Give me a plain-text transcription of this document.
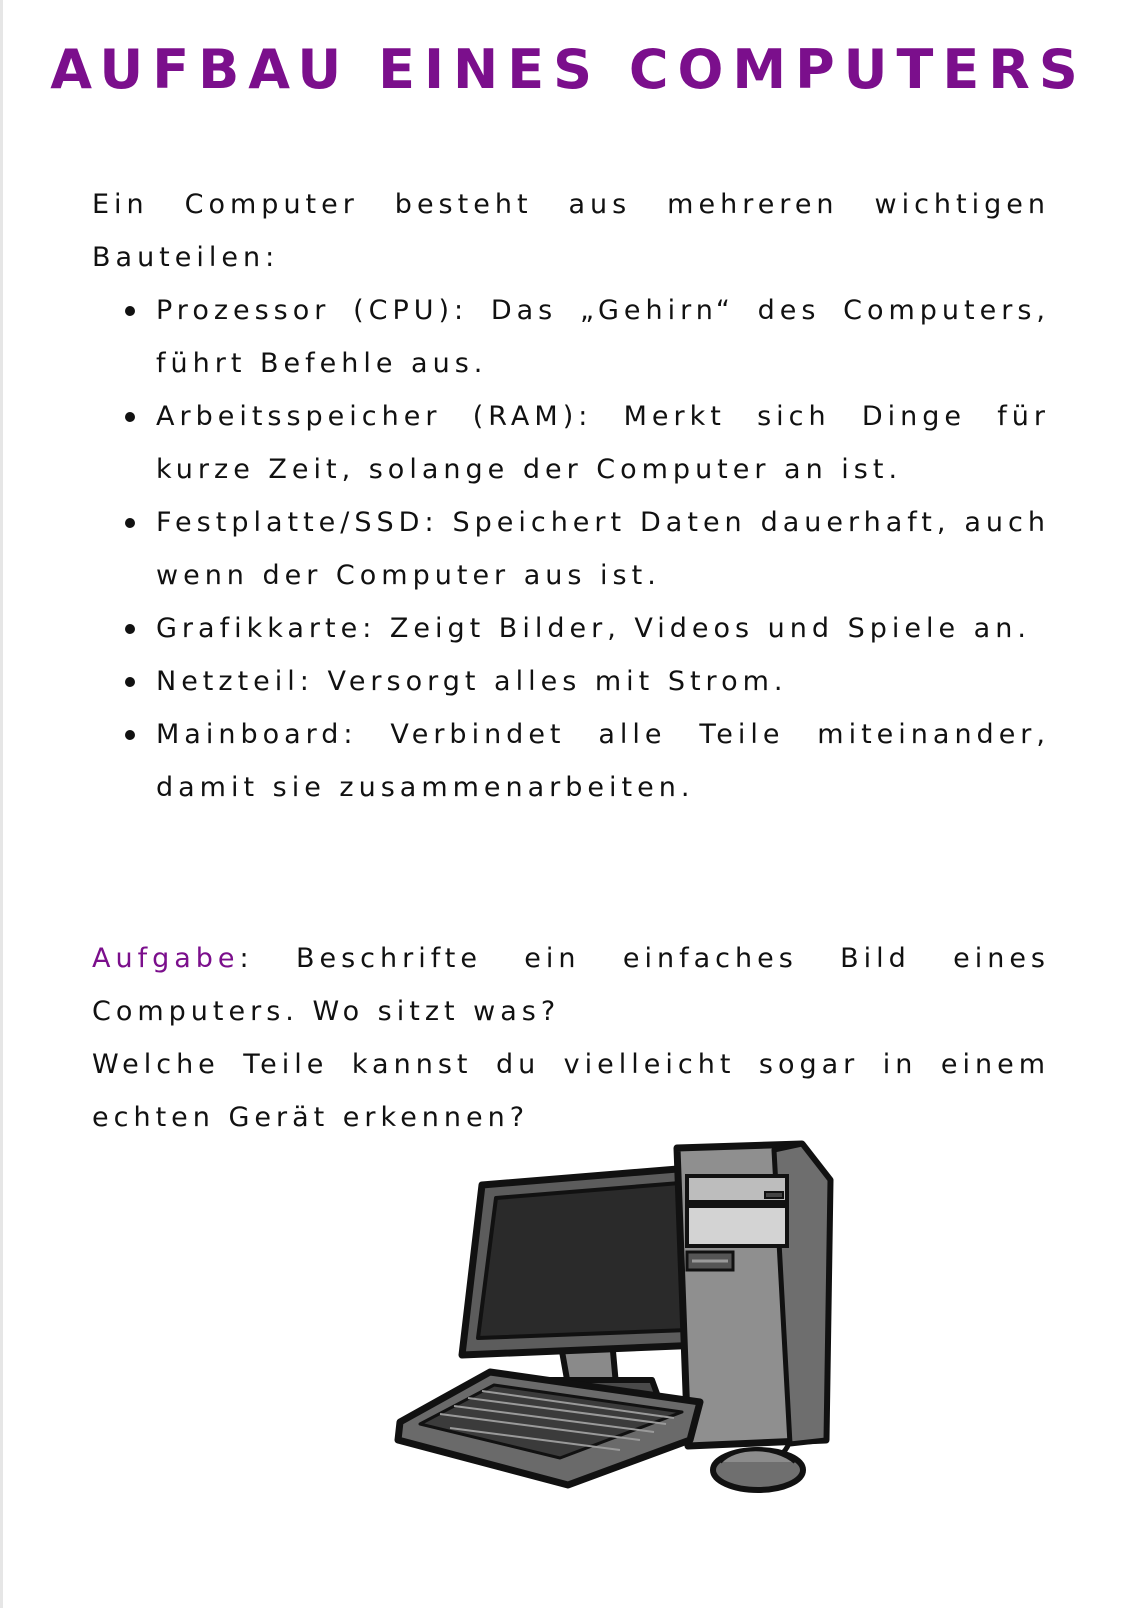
AUFBAU EINES COMPUTERS

Ein Computer besteht aus mehreren wichtigen Bauteilen:

Prozessor (CPU): Das „Gehirn“ des Computers, führt Befehle aus.
Arbeitsspeicher (RAM): Merkt sich Dinge für kurze Zeit, solange der Computer an ist.
Festplatte/SSD: Speichert Daten dauerhaft, auch wenn der Computer aus ist.
Grafikkarte: Zeigt Bilder, Videos und Spiele an.
Netzteil: Versorgt alles mit Strom.
Mainboard: Verbindet alle Teile miteinander, damit sie zusammenarbeiten.

Aufgabe: Beschrifte ein einfaches Bild eines Computers. Wo sitzt was?

Welche Teile kannst du vielleicht sogar in einem echten Gerät erkennen?
